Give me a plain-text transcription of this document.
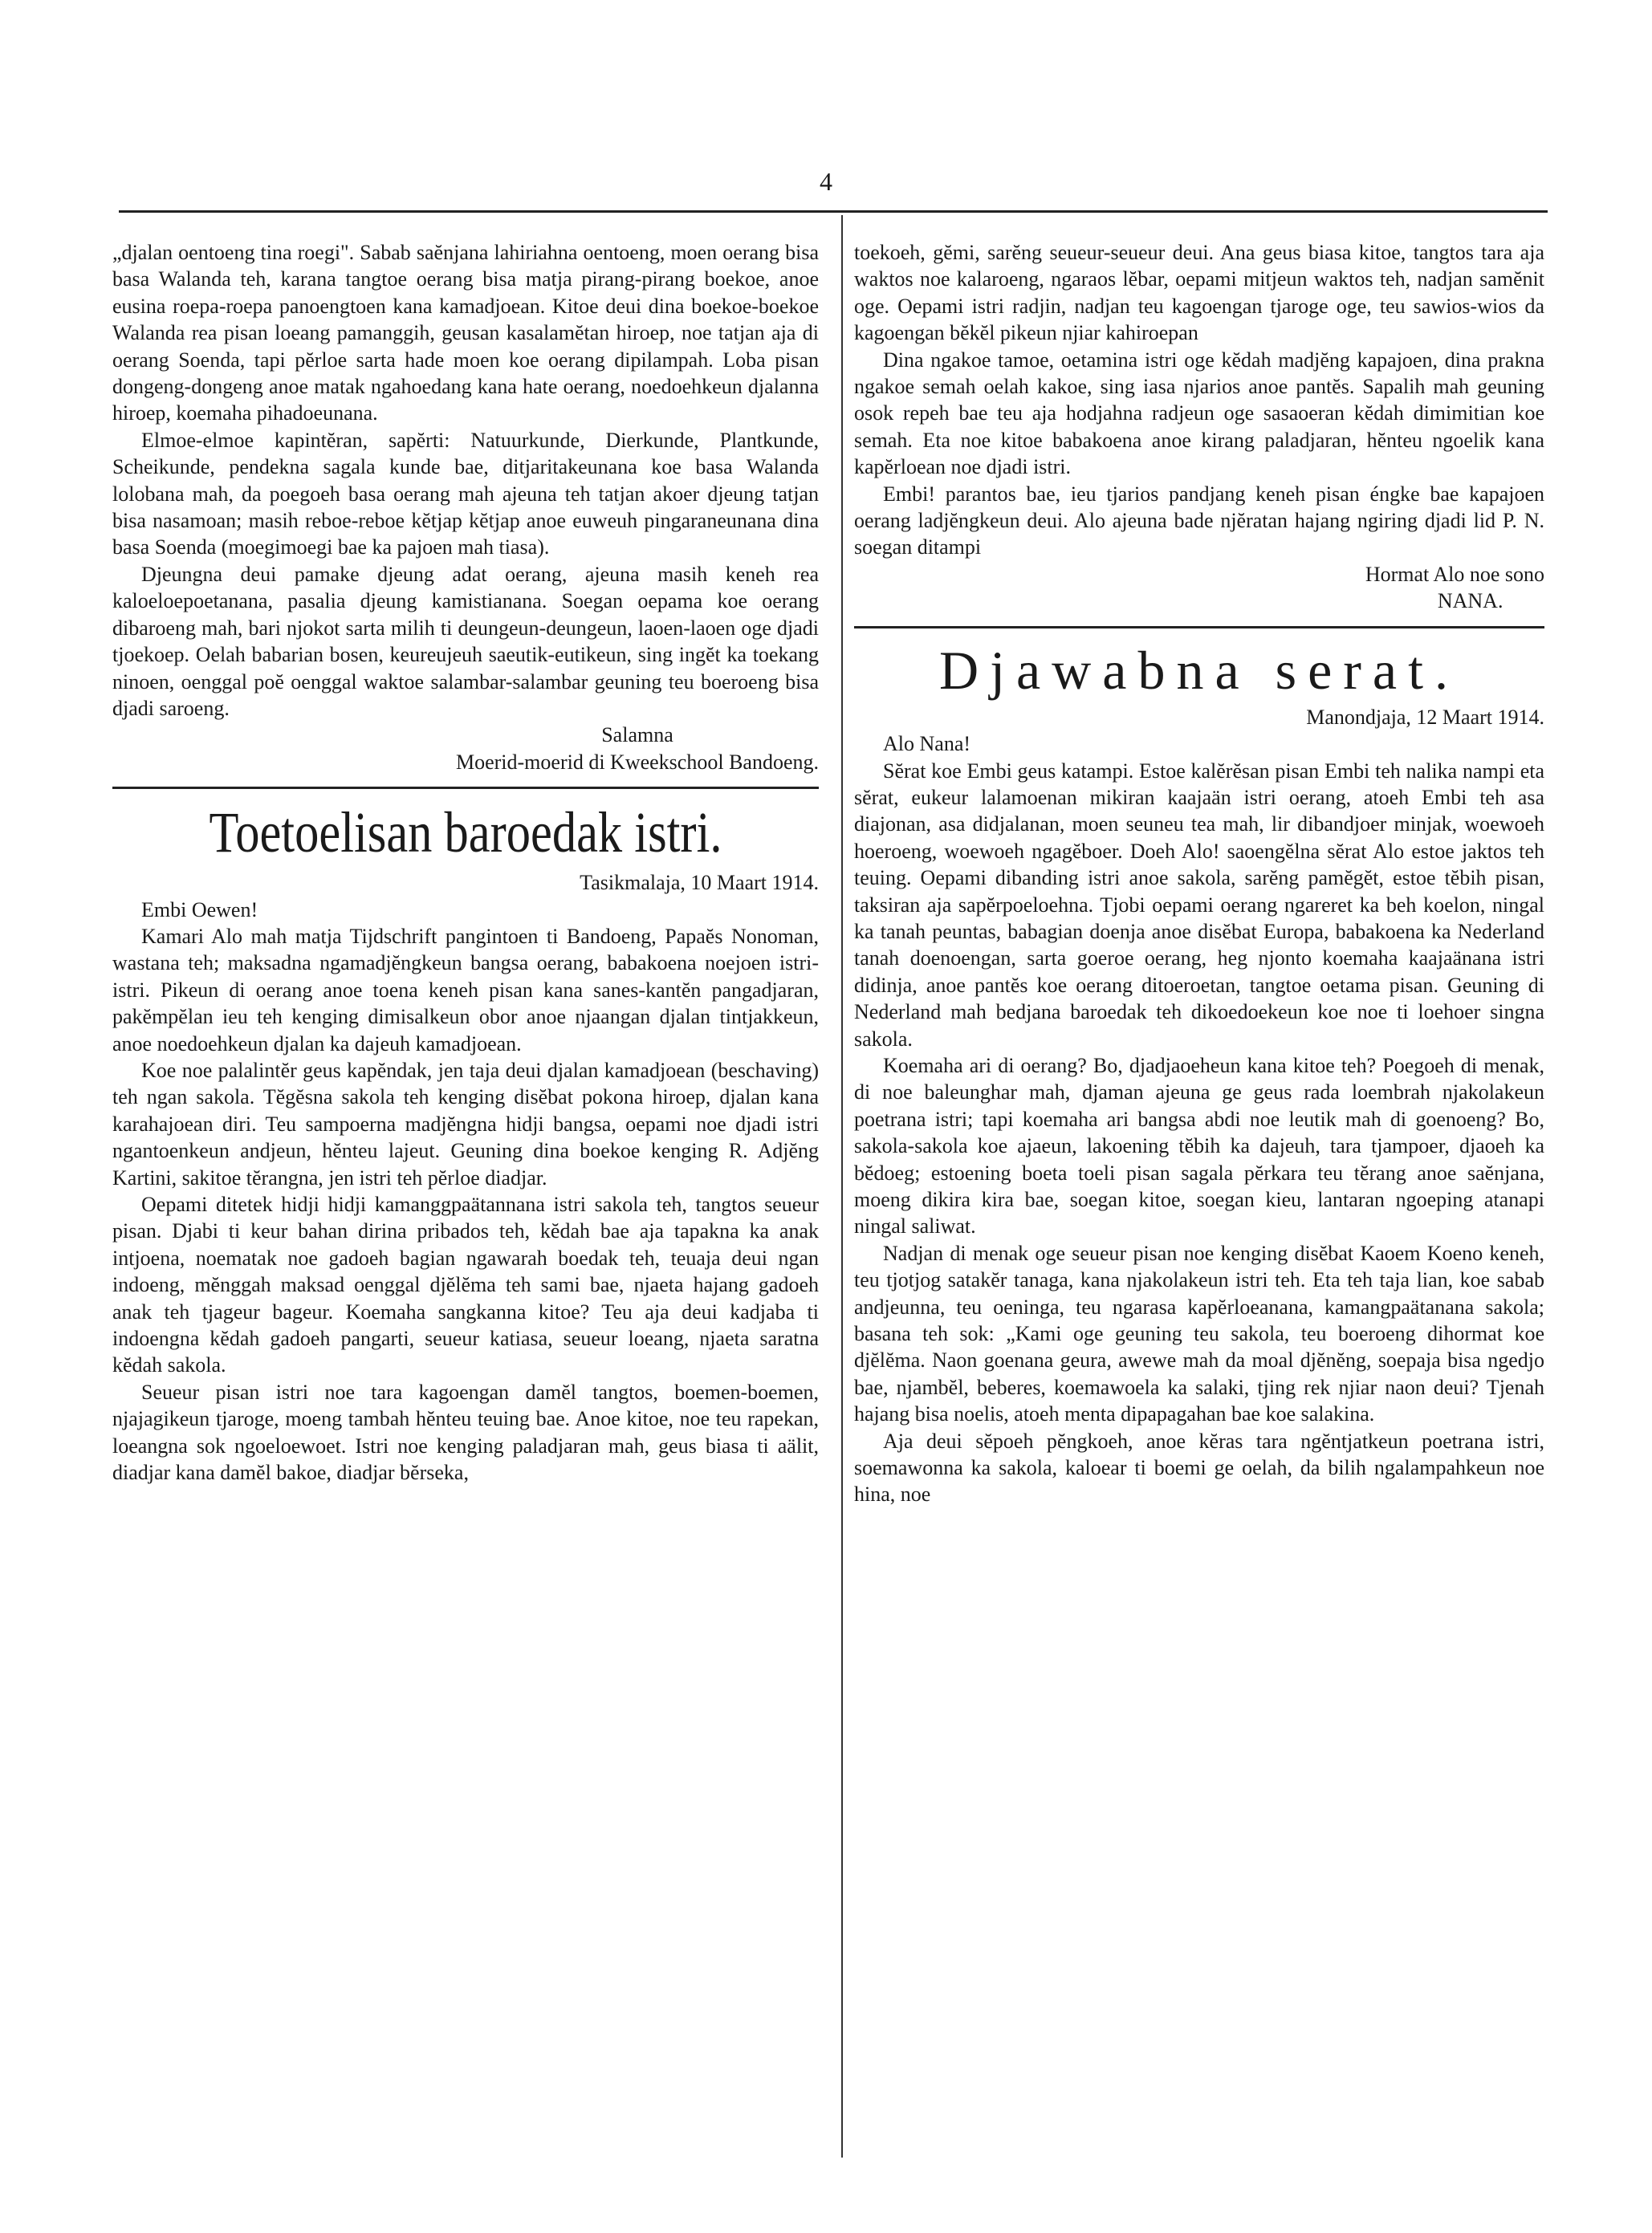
4

„djalan oentoeng tina roegi". Sabab saĕnjana lahiriahna oentoeng, moen oerang bisa basa Walanda teh, karana tangtoe oerang bisa matja pirang-pirang boekoe, anoe eusina roepa-roepa panoengtoen kana kamadjoean. Kitoe deui dina boekoe-boekoe Walanda rea pisan loeang pamanggih, geusan kasalamĕtan hiroep, noe tatjan aja di oerang Soenda, tapi pĕrloe sarta hade moen koe oerang dipilampah. Loba pisan dongeng-dongeng anoe matak ngahoedang kana hate oerang, noedoehkeun djalanna hiroep, koemaha pihadoeunana.

Elmoe-elmoe kapintĕran, sapĕrti: Natuurkunde, Dierkunde, Plantkunde, Scheikunde, pendekna sagala kunde bae, ditjaritakeunana koe basa Walanda lolobana mah, da poegoeh basa oerang mah ajeuna teh tatjan akoer djeung tatjan bisa nasamoan; masih reboe-reboe kĕtjap kĕtjap anoe euweuh pingaraneunana dina basa Soenda (moegimoegi bae ka pajoen mah tiasa).

Djeungna deui pamake djeung adat oerang, ajeuna masih keneh rea kaloeloepoetanana, pasalia djeung kamistianana. Soegan oepama koe oerang dibaroeng mah, bari njokot sarta milih ti deungeun-deungeun, laoen-laoen oge djadi tjoekoep. Oelah babarian bosen, keureujeuh saeutik-eutikeun, sing ingĕt ka toekang ninoen, oenggal poĕ oenggal waktoe salambar-salambar geuning teu boeroeng bisa djadi saroeng.

Salamna
Moerid-moerid di Kweekschool Bandoeng.
Toetoelisan baroedak istri.

Tasikmalaja, 10 Maart 1914.

Embi Oewen!

Kamari Alo mah matja Tijdschrift pangintoen ti Bandoeng, Papaĕs Nonoman, wastana teh; maksadna ngamadjĕngkeun bangsa oerang, babakoena noejoen istri-istri. Pikeun di oerang anoe toena keneh pisan kana sanes-kantĕn pangadjaran, pakĕmpĕlan ieu teh kenging dimisalkeun obor anoe njaangan djalan tintjakkeun, anoe noedoehkeun djalan ka dajeuh kamadjoean.

Koe noe palalintĕr geus kapĕndak, jen taja deui djalan kamadjoean (beschaving) teh ngan sakola. Tĕgĕsna sakola teh kenging disĕbat pokona hiroep, djalan kana karahajoean diri. Teu sampoerna madjĕngna hidji bangsa, oepami noe djadi istri ngantoenkeun andjeun, hĕnteu lajeut. Geuning dina boekoe kenging R. Adjĕng Kartini, sakitoe tĕrangna, jen istri teh pĕrloe diadjar.

Oepami ditetek hidji hidji kamanggpaätannana istri sakola teh, tangtos seueur pisan. Djabi ti keur bahan dirina pribados teh, kĕdah bae aja tapakna ka anak intjoena, noematak noe gadoeh bagian ngawarah boedak teh, teuaja deui ngan indoeng, mĕnggah maksad oenggal djĕlĕma teh sami bae, njaeta hajang gadoeh anak teh tjageur bageur. Koemaha sangkanna kitoe? Teu aja deui kadjaba ti indoengna kĕdah gadoeh pangarti, seueur katiasa, seueur loeang, njaeta saratna kĕdah sakola.

Seueur pisan istri noe tara kagoengan damĕl tangtos, boemen-boemen, njajagikeun tjaroge, moeng tambah hĕnteu teuing bae. Anoe kitoe, noe teu rapekan, loeangna sok ngoeloewoet. Istri noe kenging paladjaran mah, geus biasa ti aälit, diadjar kana damĕl bakoe, diadjar bĕrseka,

toekoeh, gĕmi, sarĕng seueur-seueur deui. Ana geus biasa kitoe, tangtos tara aja waktos noe kalaroeng, ngaraos lĕbar, oepami mitjeun waktos teh, nadjan samĕnit oge. Oepami istri radjin, nadjan teu kagoengan tjaroge oge, teu sawios-wios da kagoengan bĕkĕl pikeun njiar kahiroepan

Dina ngakoe tamoe, oetamina istri oge kĕdah madjĕng kapajoen, dina prakna ngakoe semah oelah kakoe, sing iasa njarios anoe pantĕs. Sapalih mah geuning osok repeh bae teu aja hodjahna radjeun oge sasaoeran kĕdah dimimitian koe semah. Eta noe kitoe babakoena anoe kirang paladjaran, hĕnteu ngoelik kana kapĕrloean noe djadi istri.

Embi! parantos bae, ieu tjarios pandjang keneh pisan éngke bae kapajoen oerang ladjĕngkeun deui. Alo ajeuna bade njĕratan hajang ngiring djadi lid P. N. soegan ditampi

Hormat Alo noe sono
NANA.
Djawabna serat.

Manondjaja, 12 Maart 1914.

Alo Nana!

Sĕrat koe Embi geus katampi. Estoe kalĕrĕsan pisan Embi teh nalika nampi eta sĕrat, eukeur lalamoenan mikiran kaajaän istri oerang, atoeh Embi teh asa diajonan, asa didjalanan, moen seuneu tea mah, lir dibandjoer minjak, woewoeh hoeroeng, woewoeh ngagĕboer. Doeh Alo! saoengĕlna sĕrat Alo estoe jaktos teh teuing. Oepami dibanding istri anoe sakola, sarĕng pamĕgĕt, estoe tĕbih pisan, taksiran aja sapĕrpoeloehna. Tjobi oepami oerang ngareret ka beh koelon, ningal ka tanah peuntas, babagian doenja anoe disĕbat Europa, babakoena ka Nederland tanah doenoengan, sarta goeroe oerang, heg njonto koemaha kaajaänana istri didinja, anoe pantĕs koe oerang ditoeroetan, tangtoe oetama pisan. Geuning di Nederland mah bedjana baroedak teh dikoedoekeun koe noe ti loehoer singna sakola.

Koemaha ari di oerang? Bo, djadjaoeheun kana kitoe teh? Poegoeh di menak, di noe baleunghar mah, djaman ajeuna ge geus rada loembrah njakolakeun poetrana istri; tapi koemaha ari bangsa abdi noe leutik mah di goenoeng? Bo, sakola-sakola koe ajaeun, lakoening tĕbih ka dajeuh, tara tjampoer, djaoeh ka bĕdoeg; estoening boeta toeli pisan sagala pĕrkara teu tĕrang anoe saĕnjana, moeng dikira kira bae, soegan kitoe, soegan kieu, lantaran ngoeping atanapi ningal saliwat.

Nadjan di menak oge seueur pisan noe kenging disĕbat Kaoem Koeno keneh, teu tjotjog satakĕr tanaga, kana njakolakeun istri teh. Eta teh taja lian, koe sabab andjeunna, teu oeninga, teu ngarasa kapĕrloeanana, kamangpaätanana sakola; basana teh sok: „Kami oge geuning teu sakola, teu boeroeng dihormat koe djĕlĕma. Naon goenana geura, awewe mah da moal djĕnĕng, soepaja bisa ngedjo bae, njambĕl, beberes, koemawoela ka salaki, tjing rek njiar naon deui? Tjenah hajang bisa noelis, atoeh menta dipapagahan bae koe salakina.

Aja deui sĕpoeh pĕngkoeh, anoe kĕras tara ngĕntjatkeun poetrana istri, soemawonna ka sakola, kaloear ti boemi ge oelah, da bilih ngalampahkeun noe hina, noe
